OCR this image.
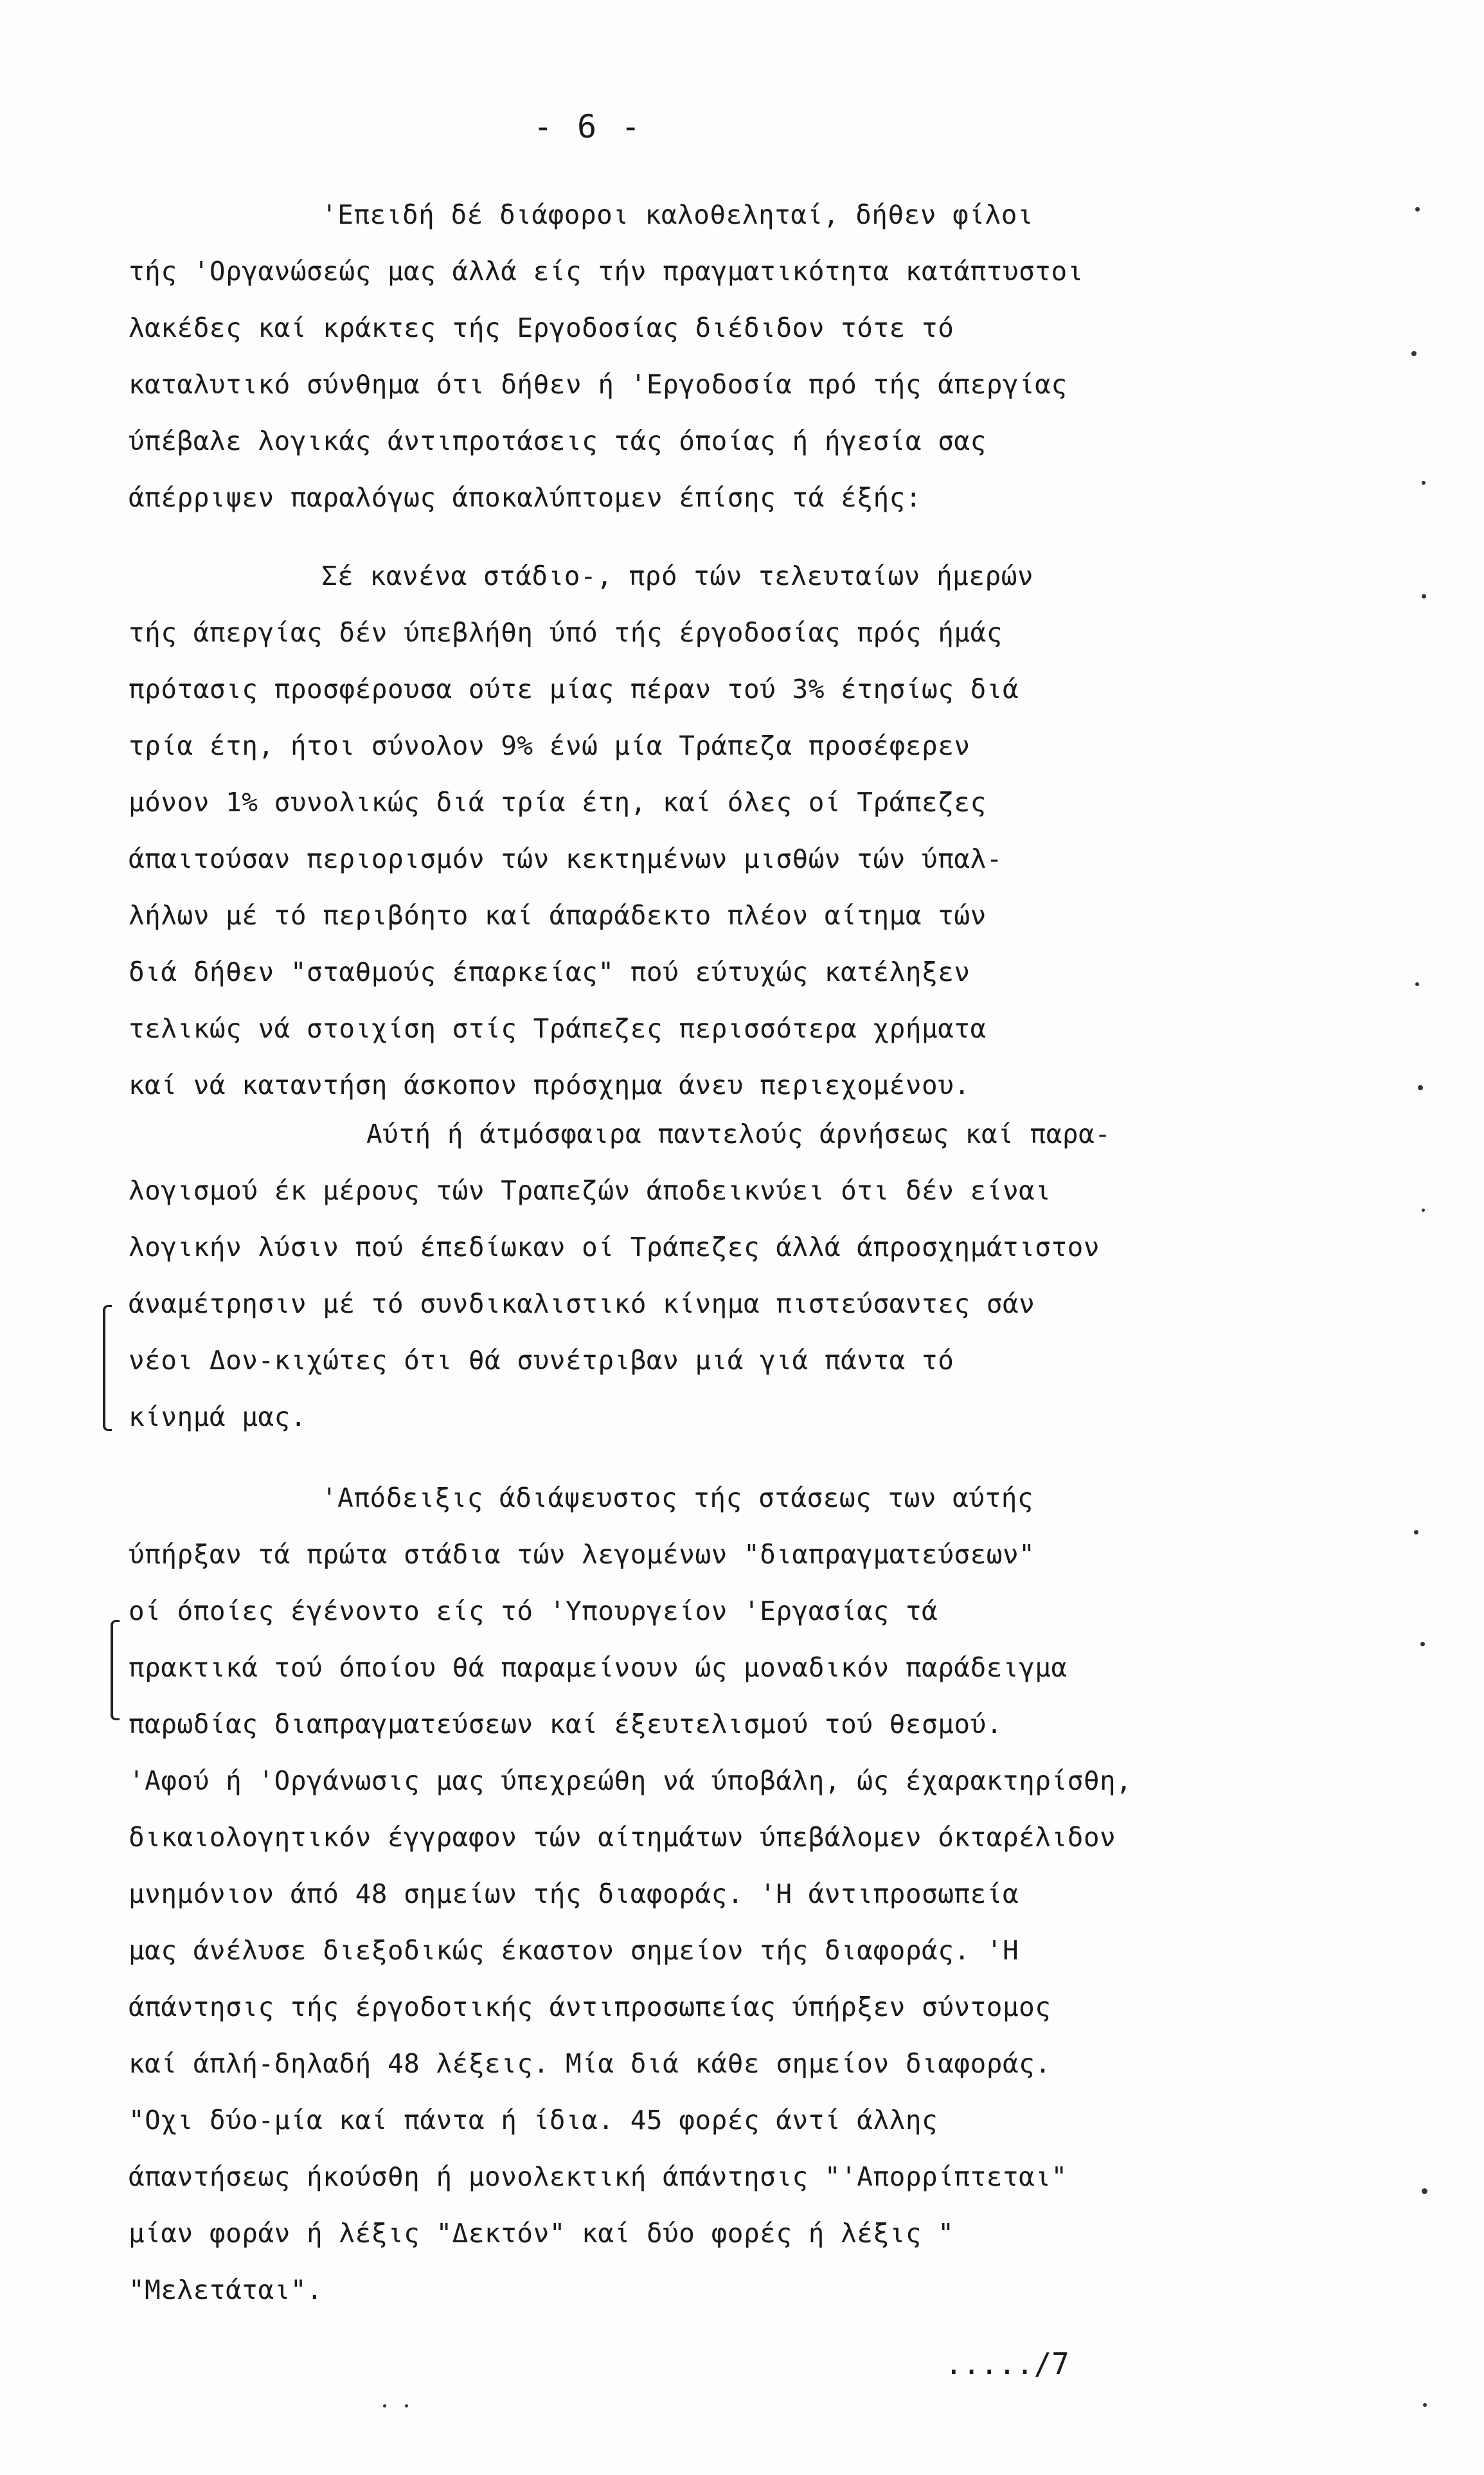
- 6 -
'Επειδή δέ διάφοροι καλοθεληταί, δήθεν φίλοι
τής 'Οργανώσεώς μας άλλά είς τήν πραγματικότητα κατάπτυστοι
λακέδες καί κράκτες τής Εργοδοσίας διέδιδον τότε τό
καταλυτικό σύνθημα ότι δήθεν ή 'Εργοδοσία πρό τής άπεργίας
ύπέβαλε λογικάς άντιπροτάσεις τάς όποίας ή ήγεσία σας
άπέρριψεν παραλόγως άποκαλύπτομεν έπίσης τά έξής:
Σέ κανένα στάδιο-, πρό τών τελευταίων ήμερών
τής άπεργίας δέν ύπεβλήθη ύπό τής έργοδοσίας πρός ήμάς
πρότασις προσφέρουσα ούτε μίας πέραν τού 3% έτησίως διά
τρία έτη, ήτοι σύνολον 9% ένώ μία Τράπεζα προσέφερεν
μόνον 1% συνολικώς διά τρία έτη, καί όλες οί Τράπεζες
άπαιτούσαν περιορισμόν τών κεκτημένων μισθών τών ύπαλ-
λήλων μέ τό περιβόητο καί άπαράδεκτο πλέον αίτημα τών
διά δήθεν "σταθμούς έπαρκείας" πού εύτυχώς κατέληξεν
τελικώς νά στοιχίση στίς Τράπεζες περισσότερα χρήματα
καί νά καταντήση άσκοπον πρόσχημα άνευ περιεχομένου.
Αύτή ή άτμόσφαιρα παντελούς άρνήσεως καί παρα-
λογισμού έκ μέρους τών Τραπεζών άποδεικνύει ότι δέν είναι
λογικήν λύσιν πού έπεδίωκαν οί Τράπεζες άλλά άπροσχημάτιστον
άναμέτρησιν μέ τό συνδικαλιστικό κίνημα πιστεύσαντες σάν
νέοι Δον-κιχώτες ότι θά συνέτριβαν μιά γιά πάντα τό
κίνημά μας.
'Απόδειξις άδιάψευστος τής στάσεως των αύτής
ύπήρξαν τά πρώτα στάδια τών λεγομένων "διαπραγματεύσεων"
οί όποίες έγένοντο είς τό 'Υπουργείον 'Εργασίας τά
πρακτικά τού όποίου θά παραμείνουν ώς μοναδικόν παράδειγμα
παρωδίας διαπραγματεύσεων καί έξευτελισμού τού θεσμού.
'Αφού ή 'Οργάνωσις μας ύπεχρεώθη νά ύποβάλη, ώς έχαρακτηρίσθη,
δικαιολογητικόν έγγραφον τών αίτημάτων ύπεβάλομεν όκταρέλιδον
μνημόνιον άπό 48 σημείων τής διαφοράς. 'Η άντιπροσωπεία
μας άνέλυσε διεξοδικώς έκαστον σημείον τής διαφοράς. 'Η
άπάντησις τής έργοδοτικής άντιπροσωπείας ύπήρξεν σύντομος
καί άπλή-δηλαδή 48 λέξεις. Μία διά κάθε σημείον διαφοράς.
"Οχι δύο-μία καί πάντα ή ίδια. 45 φορές άντί άλλης
άπαντήσεως ήκούσθη ή μονολεκτική άπάντησις "'Απορρίπτεται"
μίαν φοράν ή λέξις "Δεκτόν" καί δύο φορές ή λέξις "
"Μελετάται".
...../7
